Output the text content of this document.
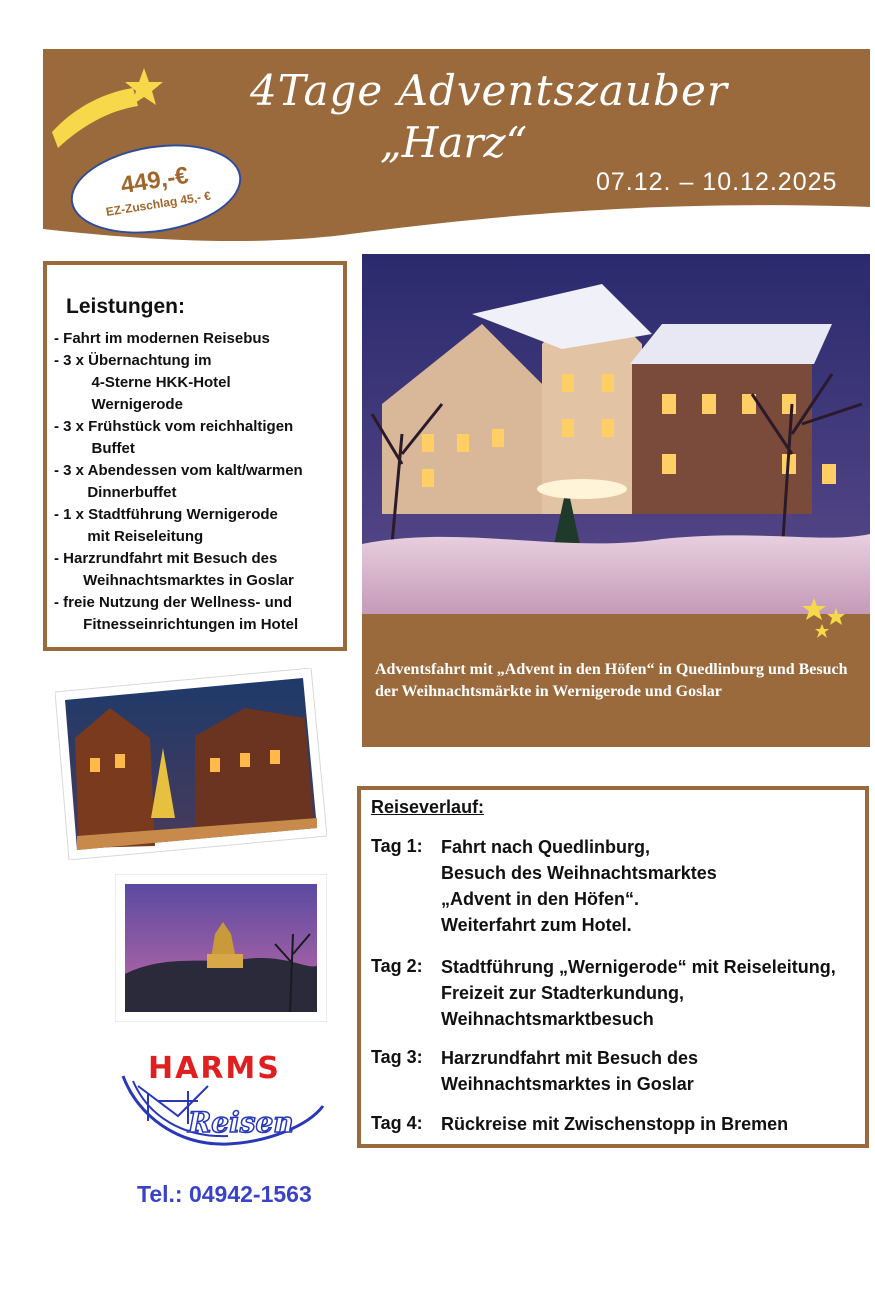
4Tage Adventszauber
„Harz“
07.12. – 10.12.2025
449,-€
EZ-Zuschlag 45,- €
Leistungen:
- Fahrt im modernen Reisebus
- 3 x Übernachtung im
4-Sterne HKK-Hotel
Wernigerode
- 3 x Frühstück vom reichhaltigen
Buffet
- 3 x Abendessen vom kalt/warmen
Dinnerbuffet
- 1 x Stadtführung Wernigerode
mit Reiseleitung
- Harzrundfahrt mit Besuch des
Weihnachtsmarktes in Goslar
- freie Nutzung der Wellness- und
Fitnesseinrichtungen im Hotel
Adventsfahrt mit „Advent in den Höfen“ in Quedlinburg und Besuch der Weihnachtsmärkte in Wernigerode und Goslar
Reiseverlauf:
Tag 1: Fahrt nach Quedlinburg,
Besuch des Weihnachtsmarktes
„Advent in den Höfen“.
Weiterfahrt zum Hotel.
Tag 2: Stadtführung „Wernigerode“ mit Reiseleitung,
Freizeit zur Stadterkundung,
Weihnachtsmarktbesuch
Tag 3: Harzrundfahrt mit Besuch des
Weihnachtsmarktes in Goslar
Tag 4: Rückreise mit Zwischenstopp in Bremen
HARMS
Reisen
Tel.: 04942-1563
